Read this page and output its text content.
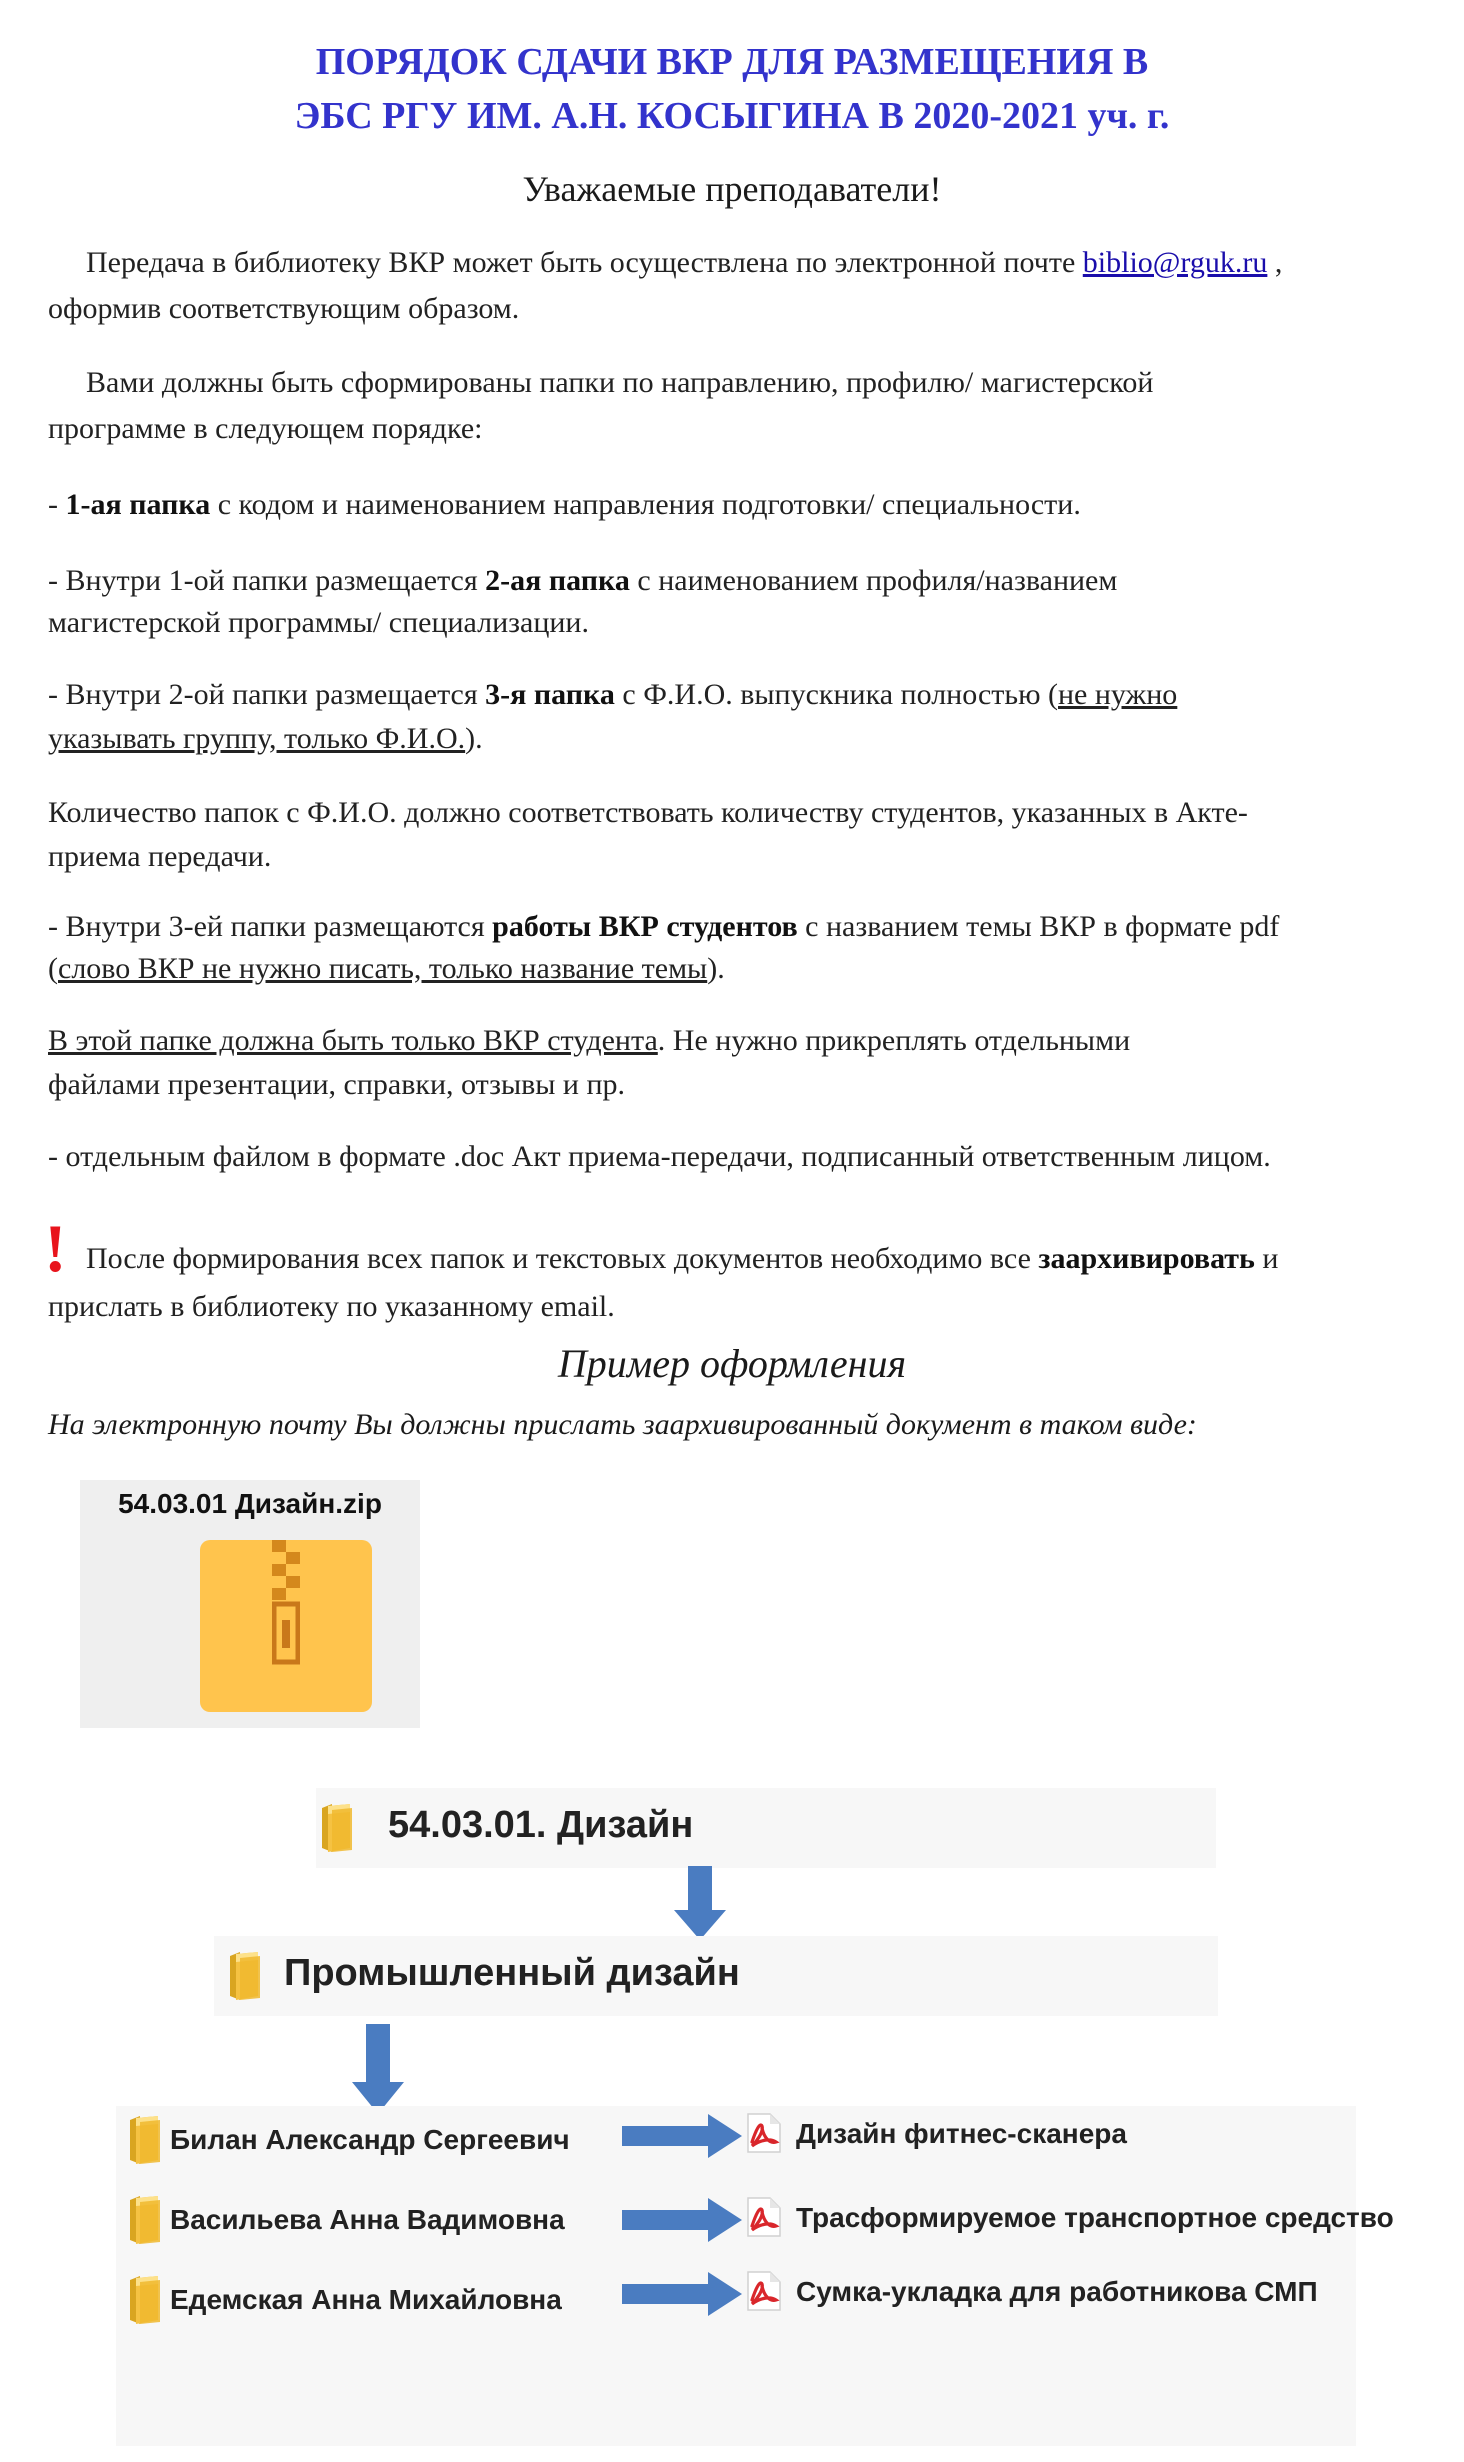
ПОРЯДОК СДАЧИ ВКР ДЛЯ РАЗМЕЩЕНИЯ В
ЭБС РГУ ИМ. А.Н. КОСЫГИНА В 2020-2021 уч. г.
Уважаемые преподаватели!
Передача в библиотеку ВКР может быть осуществлена по электронной почте biblio@rguk.ru ,
оформив соответствующим образом.
Вами должны быть сформированы папки по направлению, профилю/ магистерской
программе в следующем порядке:
- 1-ая папка с кодом и наименованием направления подготовки/ специальности.
- Внутри 1-ой папки размещается 2-ая папка с наименованием профиля/названием
магистерской программы/ специализации.
- Внутри 2-ой папки размещается 3-я папка с Ф.И.О. выпускника полностью (не нужно
указывать группу, только Ф.И.О.).
Количество папок с Ф.И.О. должно соответствовать количеству студентов, указанных в Акте-
приема передачи.
- Внутри 3-ей папки размещаются работы ВКР студентов с названием темы ВКР в формате pdf
(слово ВКР не нужно писать, только название темы).
В этой папке должна быть только ВКР студента. Не нужно прикреплять отдельными
файлами презентации, справки, отзывы и пр.
- отдельным файлом в формате .doc Акт приема-передачи, подписанный ответственным лицом.
! После формирования всех папок и текстовых документов необходимо все заархивировать и
прислать в библиотеку по указанному email.
Пример оформления
На электронную почту Вы должны прислать заархивированный документ в таком виде:
54.03.01 Дизайн.zip
54.03.01. Дизайн
Промышленный дизайн
Билан Александр Сергеевич	Дизайн фитнес-сканера
Васильева Анна Вадимовна	Трасформируемое транспортное средство
Едемская Анна Михайловна	Сумка-укладка для работникова СМП
